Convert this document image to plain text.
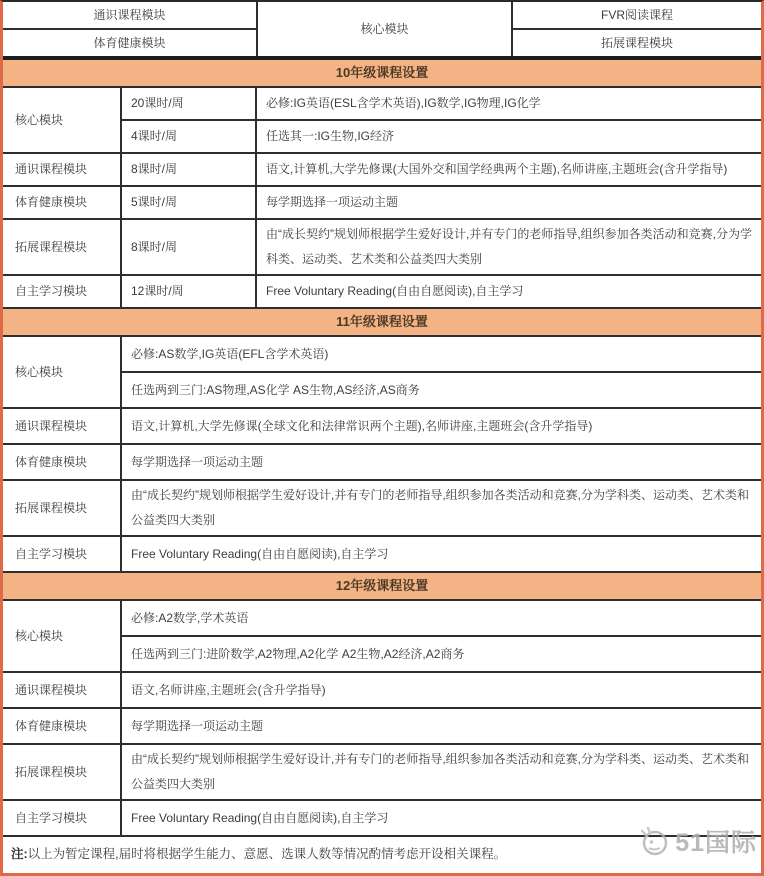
通识课程模块	核心模块	FVR阅读课程
体育健康模块		拓展课程模块
10年级课程设置
核心模块	20课时/周	必修:IG英语(ESL含学术英语),IG数学,IG物理,IG化学
	4课时/周	任选其一:IG生物,IG经济
通识课程模块	8课时/周	语文,计算机,大学先修课(大国外交和国学经典两个主题),名师讲座,主题班会(含升学指导)
体育健康模块	5课时/周	每学期选择一项运动主题
拓展课程模块	8课时/周	由“成长契约”规划师根据学生爱好设计,并有专门的老师指导,组织参加各类活动和竞赛,分为学科类、运动类、艺术类和公益类四大类别
自主学习模块	12课时/周	Free Voluntary Reading(自由自愿阅读),自主学习
11年级课程设置
核心模块	必修:AS数学,IG英语(EFL含学术英语)
	任选两到三门:AS物理,AS化学 AS生物,AS经济,AS商务
通识课程模块	语文,计算机,大学先修课(全球文化和法律常识两个主题),名师讲座,主题班会(含升学指导)
体育健康模块	每学期选择一项运动主题
拓展课程模块	由“成长契约”规划师根据学生爱好设计,并有专门的老师指导,组织参加各类活动和竞赛,分为学科类、运动类、艺术类和公益类四大类别
自主学习模块	Free Voluntary Reading(自由自愿阅读),自主学习
12年级课程设置
核心模块	必修:A2数学,学术英语
	任选两到三门:进阶数学,A2物理,A2化学 A2生物,A2经济,A2商务
通识课程模块	语文,名师讲座,主题班会(含升学指导)
体育健康模块	每学期选择一项运动主题
拓展课程模块	由“成长契约”规划师根据学生爱好设计,并有专门的老师指导,组织参加各类活动和竞赛,分为学科类、运动类、艺术类和公益类四大类别
自主学习模块	Free Voluntary Reading(自由自愿阅读),自主学习
注:以上为暂定课程,届时将根据学生能力、意愿、选课人数等情况酌情考虑开设相关课程。	51国际
